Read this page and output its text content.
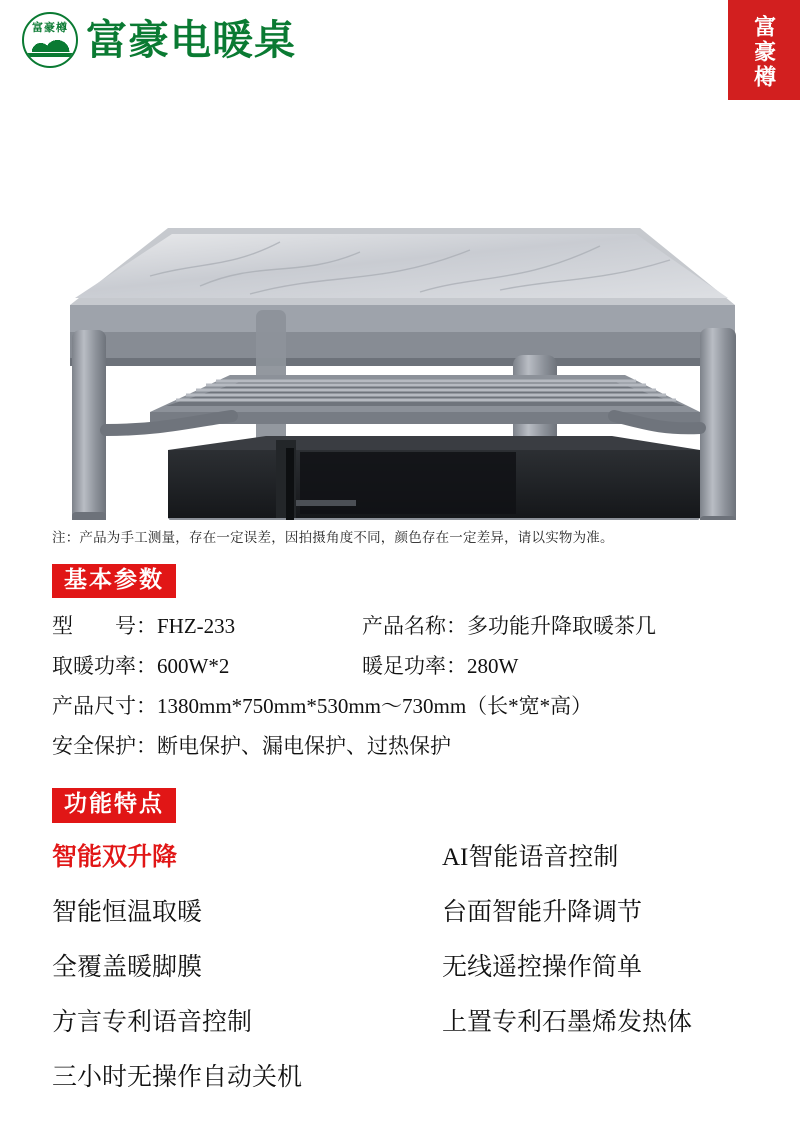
富豪樽 富豪电暖桌	富豪樽
注：产品为手工测量，存在一定误差，因拍摄角度不同，颜色存在一定差异，请以实物为准。
基本参数
型　　号：FHZ-233	产品名称：多功能升降取暖茶几
取暖功率：600W*2	暖足功率：280W
产品尺寸：1380mm*750mm*530mm～730mm（长*宽*高）
安全保护：断电保护、漏电保护、过热保护
功能特点
智能双升降	AI智能语音控制
智能恒温取暖	台面智能升降调节
全覆盖暖脚膜	无线遥控操作简单
方言专利语音控制	上置专利石墨烯发热体
三小时无操作自动关机
